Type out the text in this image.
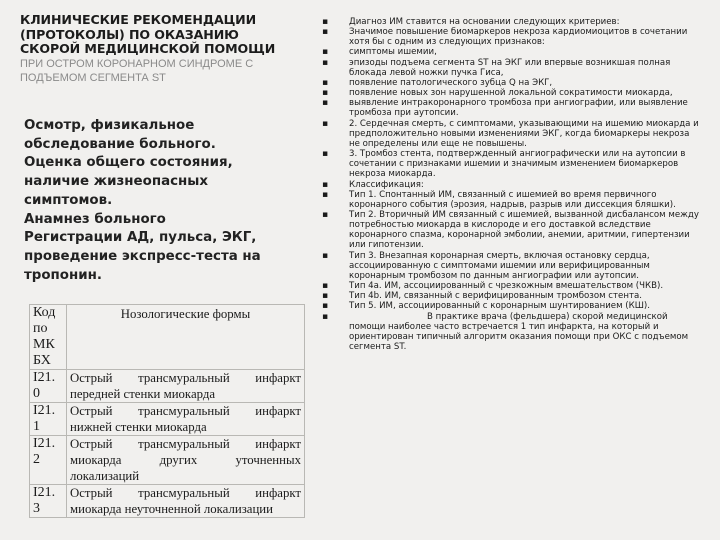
КЛИНИЧЕСКИЕ РЕКОМЕНДАЦИИ
(ПРОТОКОЛЫ) ПО ОКАЗАНИЮ
СКОРОЙ МЕДИЦИНСКОЙ ПОМОЩИ
ПРИ ОСТРОМ КОРОНАРНОМ СИНДРОМЕ С
ПОДЪЕМОМ СЕГМЕНТА ST

Осмотр, физикальное обследование больного.

Оценка общего состояния, наличие жизнеопасных симптомов.

Анамнез больного

Регистрации АД, пульса, ЭКГ, проведение экспресс-теста на тропонин.

Код по МК БХ	Нозологические формы
I21. 0	Острый трансмуральный инфаркт
передней стенки миокарда

I21. 1	Острый трансмуральный инфаркт
нижней стенки миокарда

I21. 2	Острый трансмуральный инфаркт
миокарда других уточненных
локализаций

I21. 3	Острый трансмуральный инфаркт
миокарда неуточненной локализации
▪ Диагноз ИМ ставится на основании следующих критериев:
▪ Значимое повышение биомаркеров некроза кардиомиоцитов в сочетании хотя бы с одним из следующих признаков:
▪ симптомы ишемии,
▪ эпизоды подъема сегмента ST на ЭКГ или впервые возникшая полная блокада левой ножки пучка Гиса,
▪ появление патологического зубца Q на ЭКГ,
▪ появление новых зон нарушенной локальной сократимости миокарда,
▪ выявление интракоронарного тромбоза при ангиографии, или выявление тромбоза при аутопсии.
▪ 2. Сердечная смерть, с симптомами, указывающими на ишемию миокарда и предположительно новыми изменениями ЭКГ, когда биомаркеры некроза не определены или еще не повышены.
▪ 3. Тромбоз стента, подтвержденный ангиографически или на аутопсии в сочетании с признаками ишемии и значимым изменением биомаркеров некроза миокарда.
▪ Классификация:
▪ Тип 1. Спонтанный ИМ, связанный с ишемией во время первичного коронарного события (эрозия, надрыв, разрыв или диссекция бляшки).
▪ Тип 2. Вторичный ИМ связанный с ишемией, вызванной дисбалансом между потребностью миокарда в кислороде и его доставкой вследствие коронарного спазма, коронарной эмболии, анемии, аритмии, гипертензии или гипотензии.
▪ Тип 3. Внезапная коронарная смерть, включая остановку сердца, ассоциированную с симптомами ишемии или верифицированным коронарным тромбозом по данным ангиографии или аутопсии.
▪ Тип 4а. ИМ, ассоциированный с чрезкожным вмешательством (ЧКВ).
▪ Тип 4b. ИМ, связанный с верифицированным тромбозом стента.
▪ Тип 5. ИМ, ассоциированный с коронарным шунтированием (КШ).
▪	В практике врача (фельдшера) скорой медицинской помощи наиболее часто встречается 1 тип инфаркта, на который и ориентирован типичный алгоритм оказания помощи при ОКС с подъемом сегмента ST.
